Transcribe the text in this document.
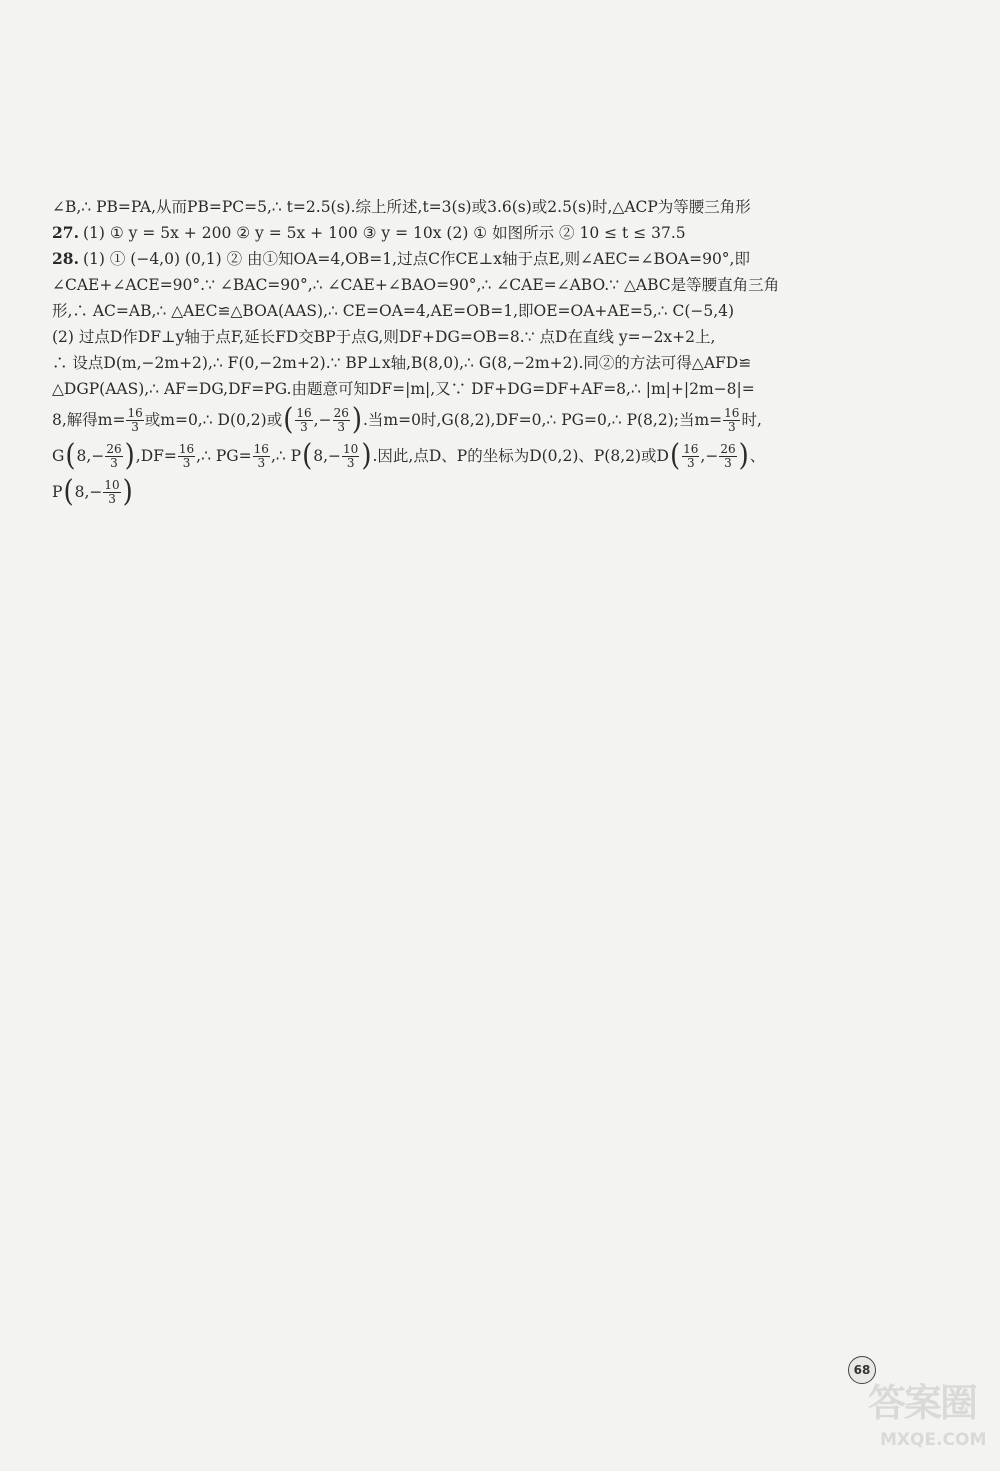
∠B,∴ PB=PA,从而PB=PC=5,∴ t=2.5(s).综上所述,t=3(s)或3.6(s)或2.5(s)时,△ACP为等腰三角形
27. (1) ① y = 5x + 200 ② y = 5x + 100 ③ y = 10x (2) ① 如图所示 ② 10 ≤ t ≤ 37.5
28. (1) ① (−4,0) (0,1) ② 由①知OA=4,OB=1,过点C作CE⊥x轴于点E,则∠AEC=∠BOA=90°,即
∠CAE+∠ACE=90°.∵ ∠BAC=90°,∴ ∠CAE+∠BAO=90°,∴ ∠CAE=∠ABO.∵ △ABC是等腰直角三角
形,∴ AC=AB,∴ △AEC≌△BOA(AAS),∴ CE=OA=4,AE=OB=1,即OE=OA+AE=5,∴ C(−5,4)
(2) 过点D作DF⊥y轴于点F,延长FD交BP于点G,则DF+DG=OB=8.∵ 点D在直线 y=−2x+2上,
∴ 设点D(m,−2m+2),∴ F(0,−2m+2).∵ BP⊥x轴,B(8,0),∴ G(8,−2m+2).同②的方法可得△AFD≌
△DGP(AAS),∴ AF=DG,DF=PG.由题意可知DF=|m|,又∵ DF+DG=DF+AF=8,∴ |m|+|2m−8|=
8,解得$m= \frac{16}{3}$ 或m=0,∴ D(0,2)或 ( $\frac{16}{3}$ ,− $\frac{26}{3}$ ) .当m=0时,G(8,2),DF=0,∴ PG=0,∴ P(8,2);当$m= \frac{16}{3}$ 时,
G ( $8,- \frac{26}{3}$ ) $,DF= \frac{16}{3}$ ,∴ $PG= \frac{16}{3}$ ,∴ P ( $8,- \frac{10}{3}$ ) .因此,点D、P的坐标为D(0,2)、P(8,2)或D ( $\frac{16}{3}$ ,− $\frac{26}{3}$ ) 、
P ( $8,- \frac{10}{3}$ )
68
答案圈
MXQE.COM
